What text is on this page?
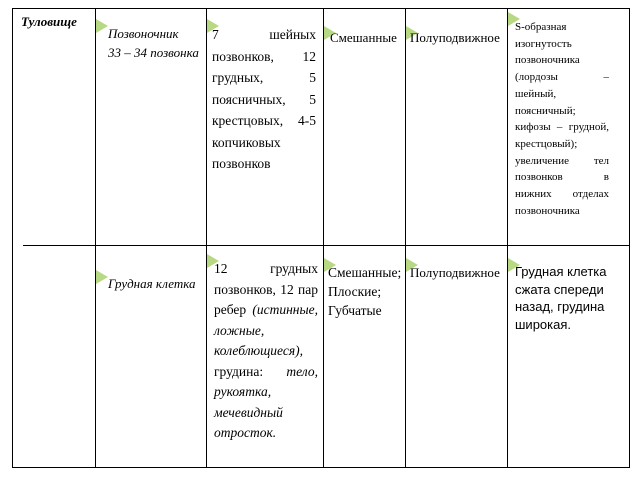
Туловище
Позвоночник
33 – 34 позвонка
7 шейных позвонков, 12 грудных, 5 поясничных, 5 крестцовых, 4-5 копчиковых позвонков
Смешанные	Полуподвижное
S-образная изогнутость позвоночника (лордозы – шейный, поясничный; кифозы – грудной, крестцовый); увеличение тел позвонков в нижних отделах позвоночника
Грудная клетка
12 грудных позвонков, 12 пар ребер (истинные, ложные, колеблющиеся), грудина: тело, рукоятка, мечевидный отросток.
Смешанные;
Плоские;
Губчатые
Полуподвижное	Грудная клетка сжата спереди назад, грудина широкая.
